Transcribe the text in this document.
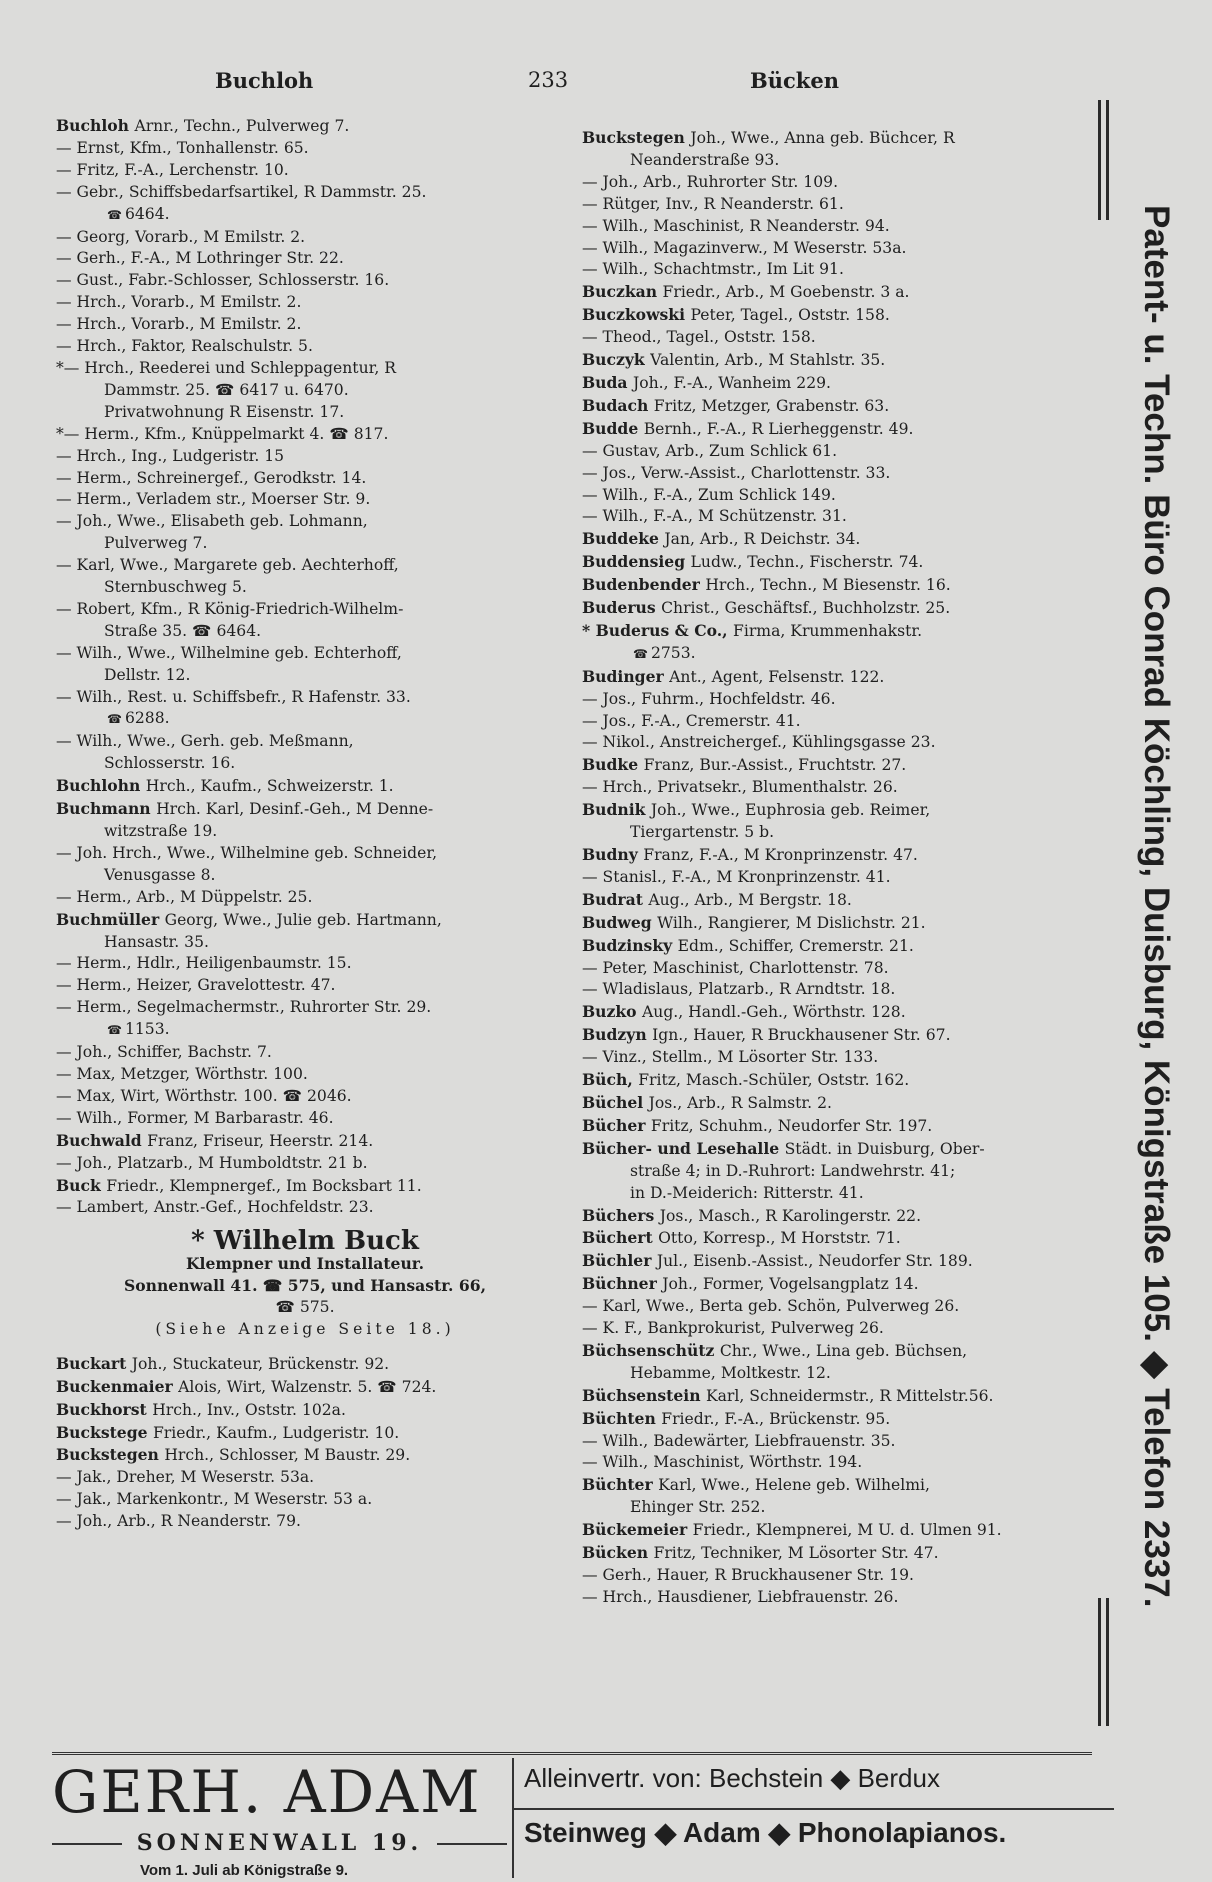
Buchloh	233	Bücken
Buchloh Arnr., Techn., Pulverweg 7.
— Ernst, Kfm., Tonhallenstr. 65.
— Fritz, F.-A., Lerchenstr. 10.
— Gebr., Schiffsbedarfsartikel, R Dammstr. 25.
☎6464.
— Georg, Vorarb., M Emilstr. 2.
— Gerh., F.-A., M Lothringer Str. 22.
— Gust., Fabr.-Schlosser, Schlosserstr. 16.
— Hrch., Vorarb., M Emilstr. 2.
— Hrch., Vorarb., M Emilstr. 2.
— Hrch., Faktor, Realschulstr. 5.
*— Hrch., Reederei und Schleppagentur, R
Dammstr. 25. ☎ 6417 u. 6470.
Privatwohnung R Eisenstr. 17.
*— Herm., Kfm., Knüppelmarkt 4. ☎ 817.
— Hrch., Ing., Ludgeristr. 15
— Herm., Schreinergef., Gerodkstr. 14.
— Herm., Verladem str., Moerser Str. 9.
— Joh., Wwe., Elisabeth geb. Lohmann,
Pulverweg 7.
— Karl, Wwe., Margarete geb. Aechterhoff,
Sternbuschweg 5.
— Robert, Kfm., R König-Friedrich-Wilhelm-
Straße 35. ☎ 6464.
— Wilh., Wwe., Wilhelmine geb. Echterhoff,
Dellstr. 12.
— Wilh., Rest. u. Schiffsbefr., R Hafenstr. 33.
☎6288.
— Wilh., Wwe., Gerh. geb. Meßmann,
Schlosserstr. 16.
Buchlohn Hrch., Kaufm., Schweizerstr. 1.
Buchmann Hrch. Karl, Desinf.-Geh., M Denne-
witzstraße 19.
— Joh. Hrch., Wwe., Wilhelmine geb. Schneider,
Venusgasse 8.
— Herm., Arb., M Düppelstr. 25.
Buchmüller Georg, Wwe., Julie geb. Hartmann,
Hansastr. 35.
— Herm., Hdlr., Heiligenbaumstr. 15.
— Herm., Heizer, Gravelottestr. 47.
— Herm., Segelmachermstr., Ruhrorter Str. 29.
☎1153.
— Joh., Schiffer, Bachstr. 7.
— Max, Metzger, Wörthstr. 100.
— Max, Wirt, Wörthstr. 100. ☎ 2046.
— Wilh., Former, M Barbarastr. 46.
Buchwald Franz, Friseur, Heerstr. 214.
— Joh., Platzarb., M Humboldtstr. 21 b.
Buck Friedr., Klempnergef., Im Bocksbart 11.
— Lambert, Anstr.-Gef., Hochfeldstr. 23.
* Wilhelm Buck
Klempner und Installateur.
Sonnenwall 41. ☎ 575, und Hansastr. 66,
☎ 575.
(Siehe Anzeige Seite 18.)
Buckart Joh., Stuckateur, Brückenstr. 92.
Buckenmaier Alois, Wirt, Walzenstr. 5. ☎ 724.
Buckhorst Hrch., Inv., Oststr. 102a.
Buckstege Friedr., Kaufm., Ludgeristr. 10.
Buckstegen Hrch., Schlosser, M Baustr. 29.
— Jak., Dreher, M Weserstr. 53a.
— Jak., Markenkontr., M Weserstr. 53 a.
— Joh., Arb., R Neanderstr. 79.
Buckstegen Joh., Wwe., Anna geb. Büchcer, R
Neanderstraße 93.
— Joh., Arb., Ruhrorter Str. 109.
— Rütger, Inv., R Neanderstr. 61.
— Wilh., Maschinist, R Neanderstr. 94.
— Wilh., Magazinverw., M Weserstr. 53a.
— Wilh., Schachtmstr., Im Lit 91.
Buczkan Friedr., Arb., M Goebenstr. 3 a.
Buczkowski Peter, Tagel., Oststr. 158.
— Theod., Tagel., Oststr. 158.
Buczyk Valentin, Arb., M Stahlstr. 35.
Buda Joh., F.-A., Wanheim 229.
Budach Fritz, Metzger, Grabenstr. 63.
Budde Bernh., F.-A., R Lierheggenstr. 49.
— Gustav, Arb., Zum Schlick 61.
— Jos., Verw.-Assist., Charlottenstr. 33.
— Wilh., F.-A., Zum Schlick 149.
— Wilh., F.-A., M Schützenstr. 31.
Buddeke Jan, Arb., R Deichstr. 34.
Buddensieg Ludw., Techn., Fischerstr. 74.
Budenbender Hrch., Techn., M Biesenstr. 16.
Buderus Christ., Geschäftsf., Buchholzstr. 25.
* Buderus & Co., Firma, Krummenhakstr.
☎2753.
Budinger Ant., Agent, Felsenstr. 122.
— Jos., Fuhrm., Hochfeldstr. 46.
— Jos., F.-A., Cremerstr. 41.
— Nikol., Anstreichergef., Kühlingsgasse 23.
Budke Franz, Bur.-Assist., Fruchtstr. 27.
— Hrch., Privatsekr., Blumenthalstr. 26.
Budnik Joh., Wwe., Euphrosia geb. Reimer,
Tiergartenstr. 5 b.
Budny Franz, F.-A., M Kronprinzenstr. 47.
— Stanisl., F.-A., M Kronprinzenstr. 41.
Budrat Aug., Arb., M Bergstr. 18.
Budweg Wilh., Rangierer, M Dislichstr. 21.
Budzinsky Edm., Schiffer, Cremerstr. 21.
— Peter, Maschinist, Charlottenstr. 78.
— Wladislaus, Platzarb., R Arndtstr. 18.
Buzko Aug., Handl.-Geh., Wörthstr. 128.
Budzyn Ign., Hauer, R Bruckhausener Str. 67.
— Vinz., Stellm., M Lösorter Str. 133.
Büch, Fritz, Masch.-Schüler, Oststr. 162.
Büchel Jos., Arb., R Salmstr. 2.
Bücher Fritz, Schuhm., Neudorfer Str. 197.
Bücher- und Lesehalle Städt. in Duisburg, Ober-
straße 4; in D.-Ruhrort: Landwehrstr. 41;
in D.-Meiderich: Ritterstr. 41.
Büchers Jos., Masch., R Karolingerstr. 22.
Büchert Otto, Korresp., M Horststr. 71.
Büchler Jul., Eisenb.-Assist., Neudorfer Str. 189.
Büchner Joh., Former, Vogelsangplatz 14.
— Karl, Wwe., Berta geb. Schön, Pulverweg 26.
— K. F., Bankprokurist, Pulverweg 26.
Büchsenschütz Chr., Wwe., Lina geb. Büchsen,
Hebamme, Moltkestr. 12.
Büchsenstein Karl, Schneidermstr., R Mittelstr.56.
Büchten Friedr., F.-A., Brückenstr. 95.
— Wilh., Badewärter, Liebfrauenstr. 35.
— Wilh., Maschinist, Wörthstr. 194.
Büchter Karl, Wwe., Helene geb. Wilhelmi,
Ehinger Str. 252.
Bückemeier Friedr., Klempnerei, M U. d. Ulmen 91.
Bücken Fritz, Techniker, M Lösorter Str. 47.
— Gerh., Hauer, R Bruckhausener Str. 19.
— Hrch., Hausdiener, Liebfrauenstr. 26.	Patent- u. Techn. Büro Conrad Köchling, Duisburg, Königstraße 105. ◆ Telefon 2337.
GERH. ADAM
SONNENWALL 19.
Vom 1. Juli ab Königstraße 9.
Alleinvertr. von: Bechstein ◆ Berdux
Steinweg ◆ Adam ◆ Phonolapianos.
